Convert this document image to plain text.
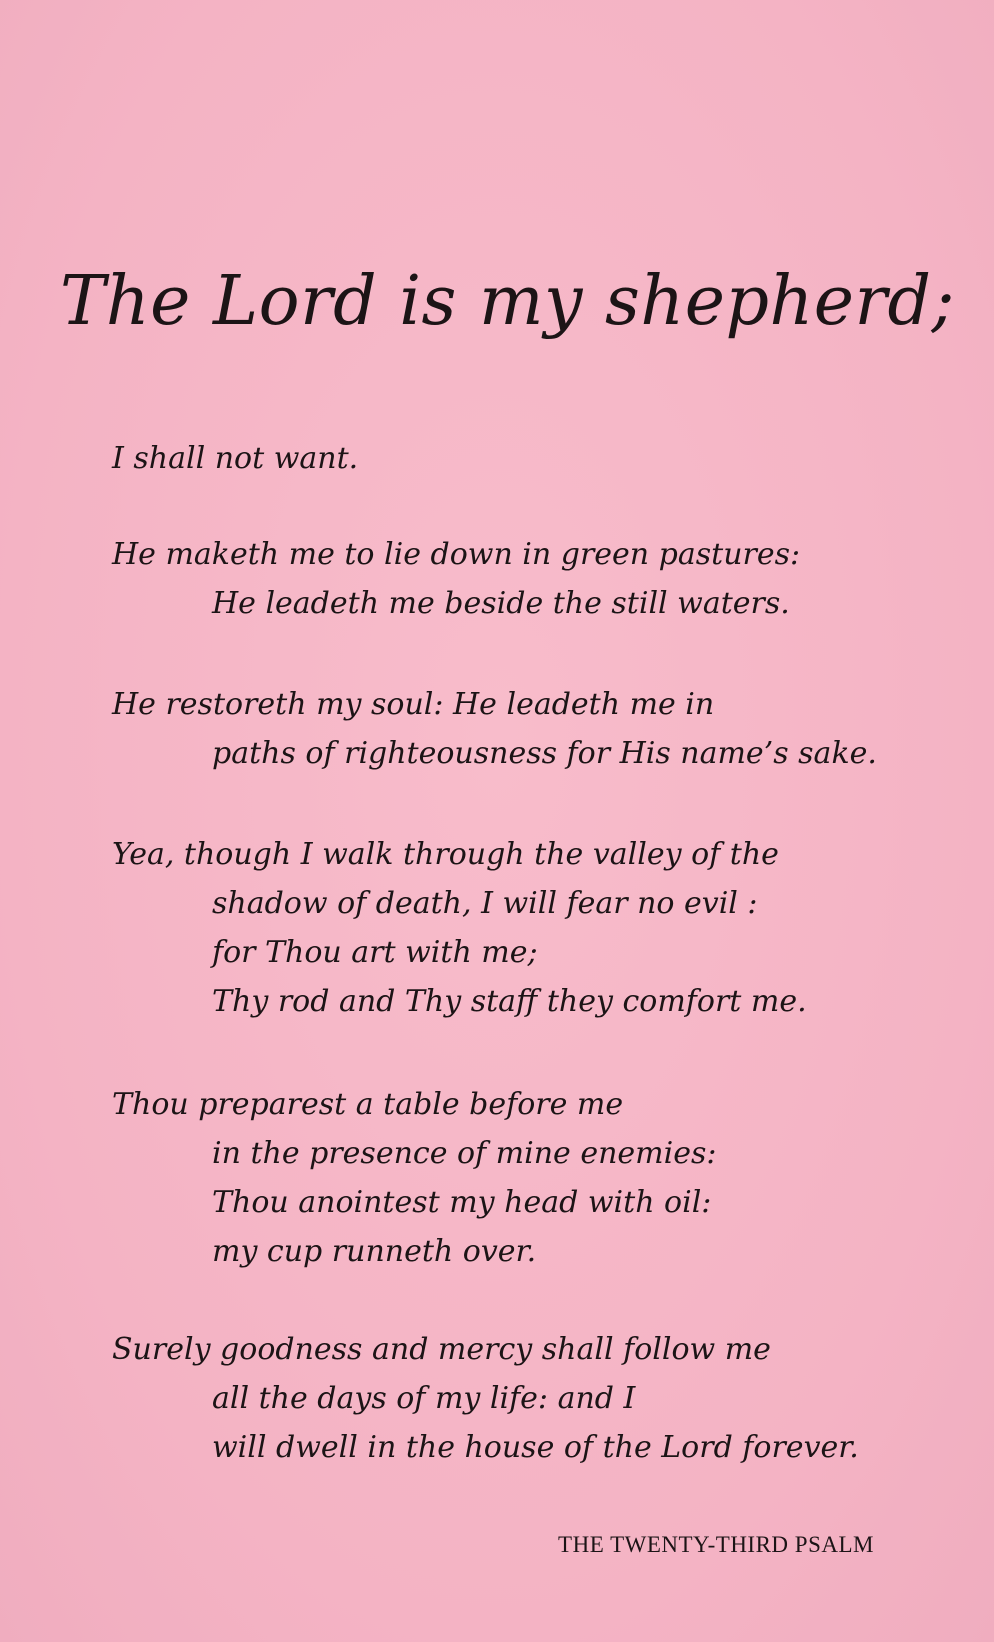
The Lord is my shepherd;
I shall not want.
He maketh me to lie down in green pastures:
He leadeth me beside the still waters.
He restoreth my soul: He leadeth me in
paths of righteousness for His name’s sake.
Yea, though I walk through the valley of the
shadow of death, I will fear no evil :
for Thou art with me;
Thy rod and Thy staff they comfort me.
Thou preparest a table before me
in the presence of mine enemies:
Thou anointest my head with oil:
my cup runneth over.
Surely goodness and mercy shall follow me
all the days of my life: and I
will dwell in the house of the Lord forever.
THE TWENTY-THIRD PSALM
